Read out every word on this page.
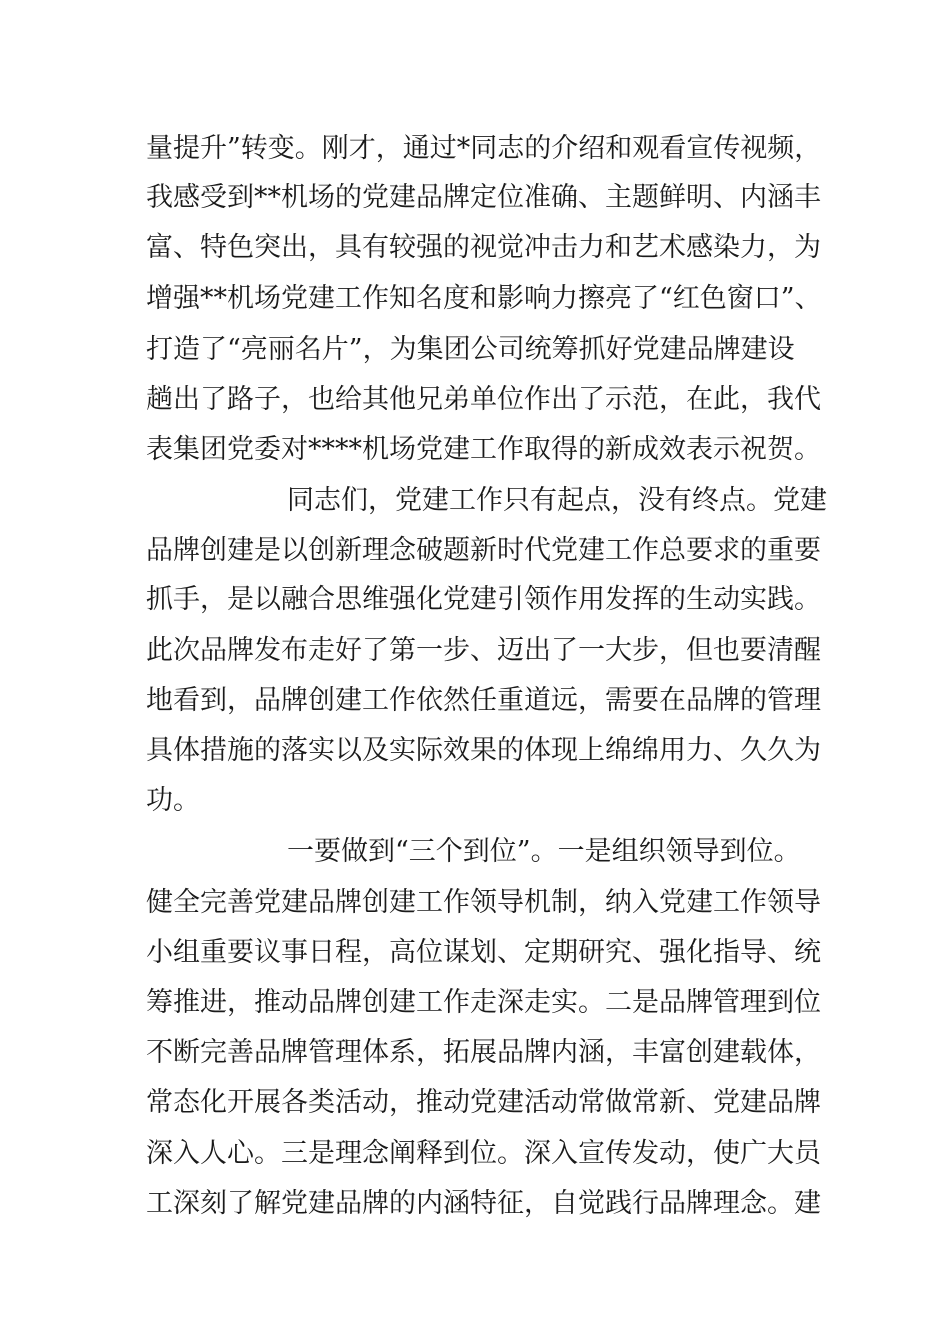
量提升”转变。刚才，通过*同志的介绍和观看宣传视频，
我感受到**机场的党建品牌定位准确、主题鲜明、内涵丰
富、特色突出，具有较强的视觉冲击力和艺术感染力，为
增强**机场党建工作知名度和影响力擦亮了“红色窗口”、
打造了“亮丽名片”，为集团公司统筹抓好党建品牌建设
趟出了路子，也给其他兄弟单位作出了示范，在此，我代
表集团党委对****机场党建工作取得的新成效表示祝贺。
同志们，党建工作只有起点，没有终点。党建
品牌创建是以创新理念破题新时代党建工作总要求的重要
抓手，是以融合思维强化党建引领作用发挥的生动实践。
此次品牌发布走好了第一步、迈出了一大步，但也要清醒
地看到，品牌创建工作依然任重道远，需要在品牌的管理
具体措施的落实以及实际效果的体现上绵绵用力、久久为
功。
一要做到“三个到位”。一是组织领导到位。
健全完善党建品牌创建工作领导机制，纳入党建工作领导
小组重要议事日程，高位谋划、定期研究、强化指导、统
筹推进，推动品牌创建工作走深走实。二是品牌管理到位
不断完善品牌管理体系，拓展品牌内涵，丰富创建载体，
常态化开展各类活动，推动党建活动常做常新、党建品牌
深入人心。三是理念阐释到位。深入宣传发动，使广大员
工深刻了解党建品牌的内涵特征，自觉践行品牌理念。建
